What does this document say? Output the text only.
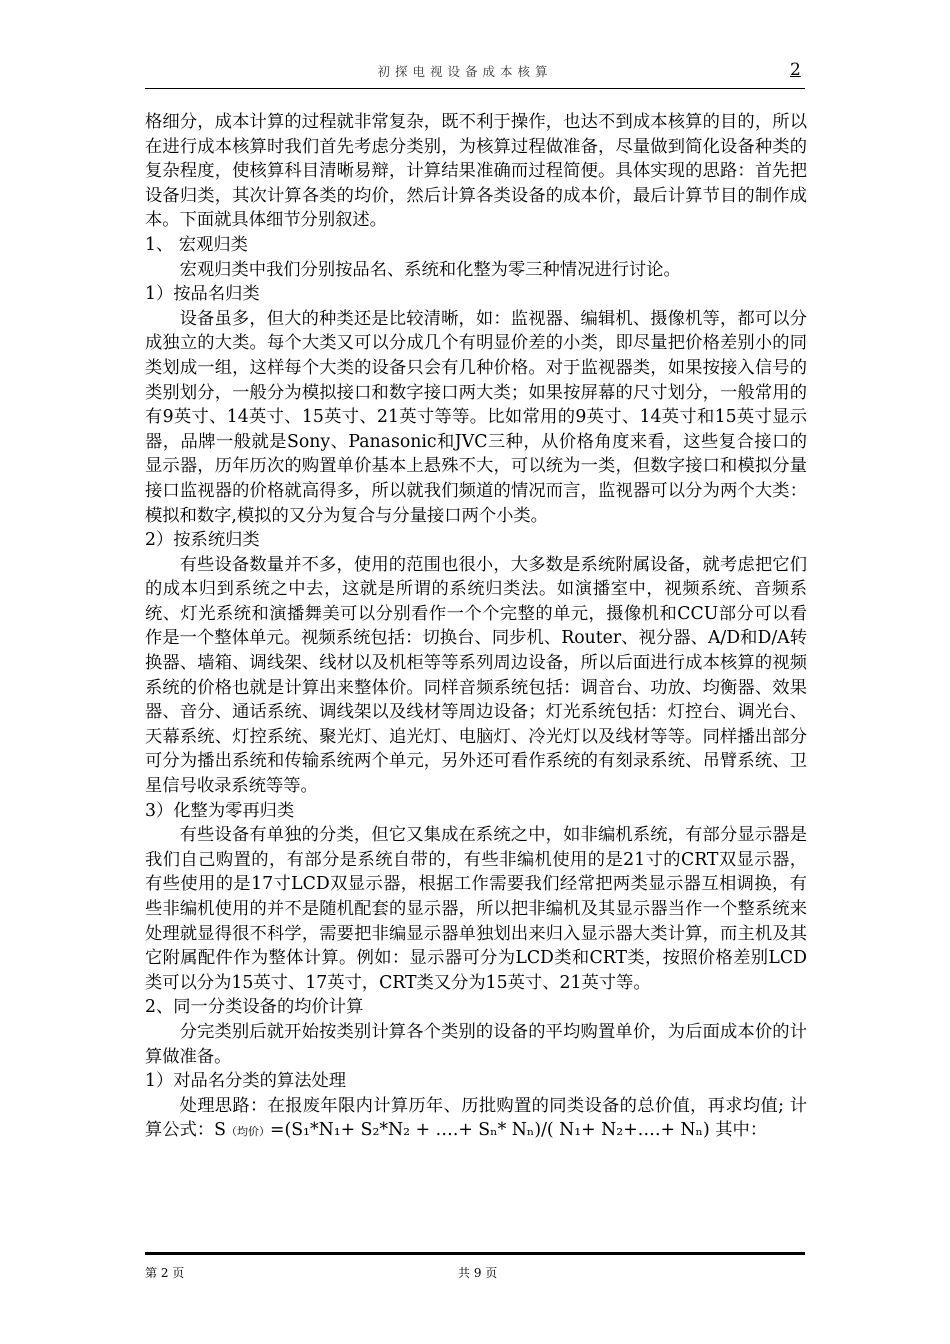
初探电视设备成本核算	2

格细分，成本计算的过程就非常复杂，既不利于操作，也达不到成本核算的目的，所以在进行成本核算时我们首先考虑分类别，为核算过程做准备，尽量做到简化设备种类的复杂程度，使核算科目清晰易辩，计算结果准确而过程简便。具体实现的思路：首先把设备归类，其次计算各类的均价，然后计算各类设备的成本价，最后计算节目的制作成本。下面就具体细节分别叙述。

1、 宏观归类

宏观归类中我们分别按品名、系统和化整为零三种情况进行讨论。

1）按品名归类

设备虽多，但大的种类还是比较清晰，如：监视器、编辑机、摄像机等，都可以分成独立的大类。每个大类又可以分成几个有明显价差的小类，即尽量把价格差别小的同类划成一组，这样每个大类的设备只会有几种价格。对于监视器类，如果按接入信号的类别划分，一般分为模拟接口和数字接口两大类；如果按屏幕的尺寸划分，一般常用的有9英寸、14英寸、15英寸、21英寸等等。比如常用的9英寸、14英寸和15英寸显示器，品牌一般就是Sony、Panasonic和JVC三种，从价格角度来看，这些复合接口的显示器，历年历次的购置单价基本上悬殊不大，可以统为一类，但数字接口和模拟分量接口监视器的价格就高得多，所以就我们频道的情况而言，监视器可以分为两个大类：模拟和数字,模拟的又分为复合与分量接口两个小类。

2）按系统归类

有些设备数量并不多，使用的范围也很小，大多数是系统附属设备，就考虑把它们的成本归到系统之中去，这就是所谓的系统归类法。如演播室中，视频系统、音频系统、灯光系统和演播舞美可以分别看作一个个完整的单元，摄像机和CCU部分可以看作是一个整体单元。视频系统包括：切换台、同步机、Router、视分器、A/D和D/A转换器、墙箱、调线架、线材以及机柜等等系列周边设备，所以后面进行成本核算的视频系统的价格也就是计算出来整体价。同样音频系统包括：调音台、功放、均衡器、效果器、音分、通话系统、调线架以及线材等周边设备；灯光系统包括：灯控台、调光台、天幕系统、灯控系统、聚光灯、追光灯、电脑灯、冷光灯以及线材等等。同样播出部分可分为播出系统和传输系统两个单元，另外还可看作系统的有刻录系统、吊臂系统、卫星信号收录系统等等。

3）化整为零再归类

有些设备有单独的分类，但它又集成在系统之中，如非编机系统，有部分显示器是我们自己购置的，有部分是系统自带的，有些非编机使用的是21寸的CRT双显示器，有些使用的是17寸LCD双显示器，根据工作需要我们经常把两类显示器互相调换，有些非编机使用的并不是随机配套的显示器，所以把非编机及其显示器当作一个整系统来处理就显得很不科学，需要把非编显示器单独划出来归入显示器大类计算，而主机及其它附属配件作为整体计算。例如：显示器可分为LCD类和CRT类，按照价格差别LCD类可以分为15英寸、17英寸，CRT类又分为15英寸、21英寸等。

2、同一分类设备的均价计算

分完类别后就开始按类别计算各个类别的设备的平均购置单价，为后面成本价的计算做准备。

1）对品名分类的算法处理

处理思路：在报废年限内计算历年、历批购置的同类设备的总价值，再求均值; 计算公式：S（均价）=(S₁*N₁+ S₂*N₂ + ….+ Sₙ* Nₙ)/( N₁+ N₂+….+ Nₙ) 其中：

第 2 页	共 9 页
